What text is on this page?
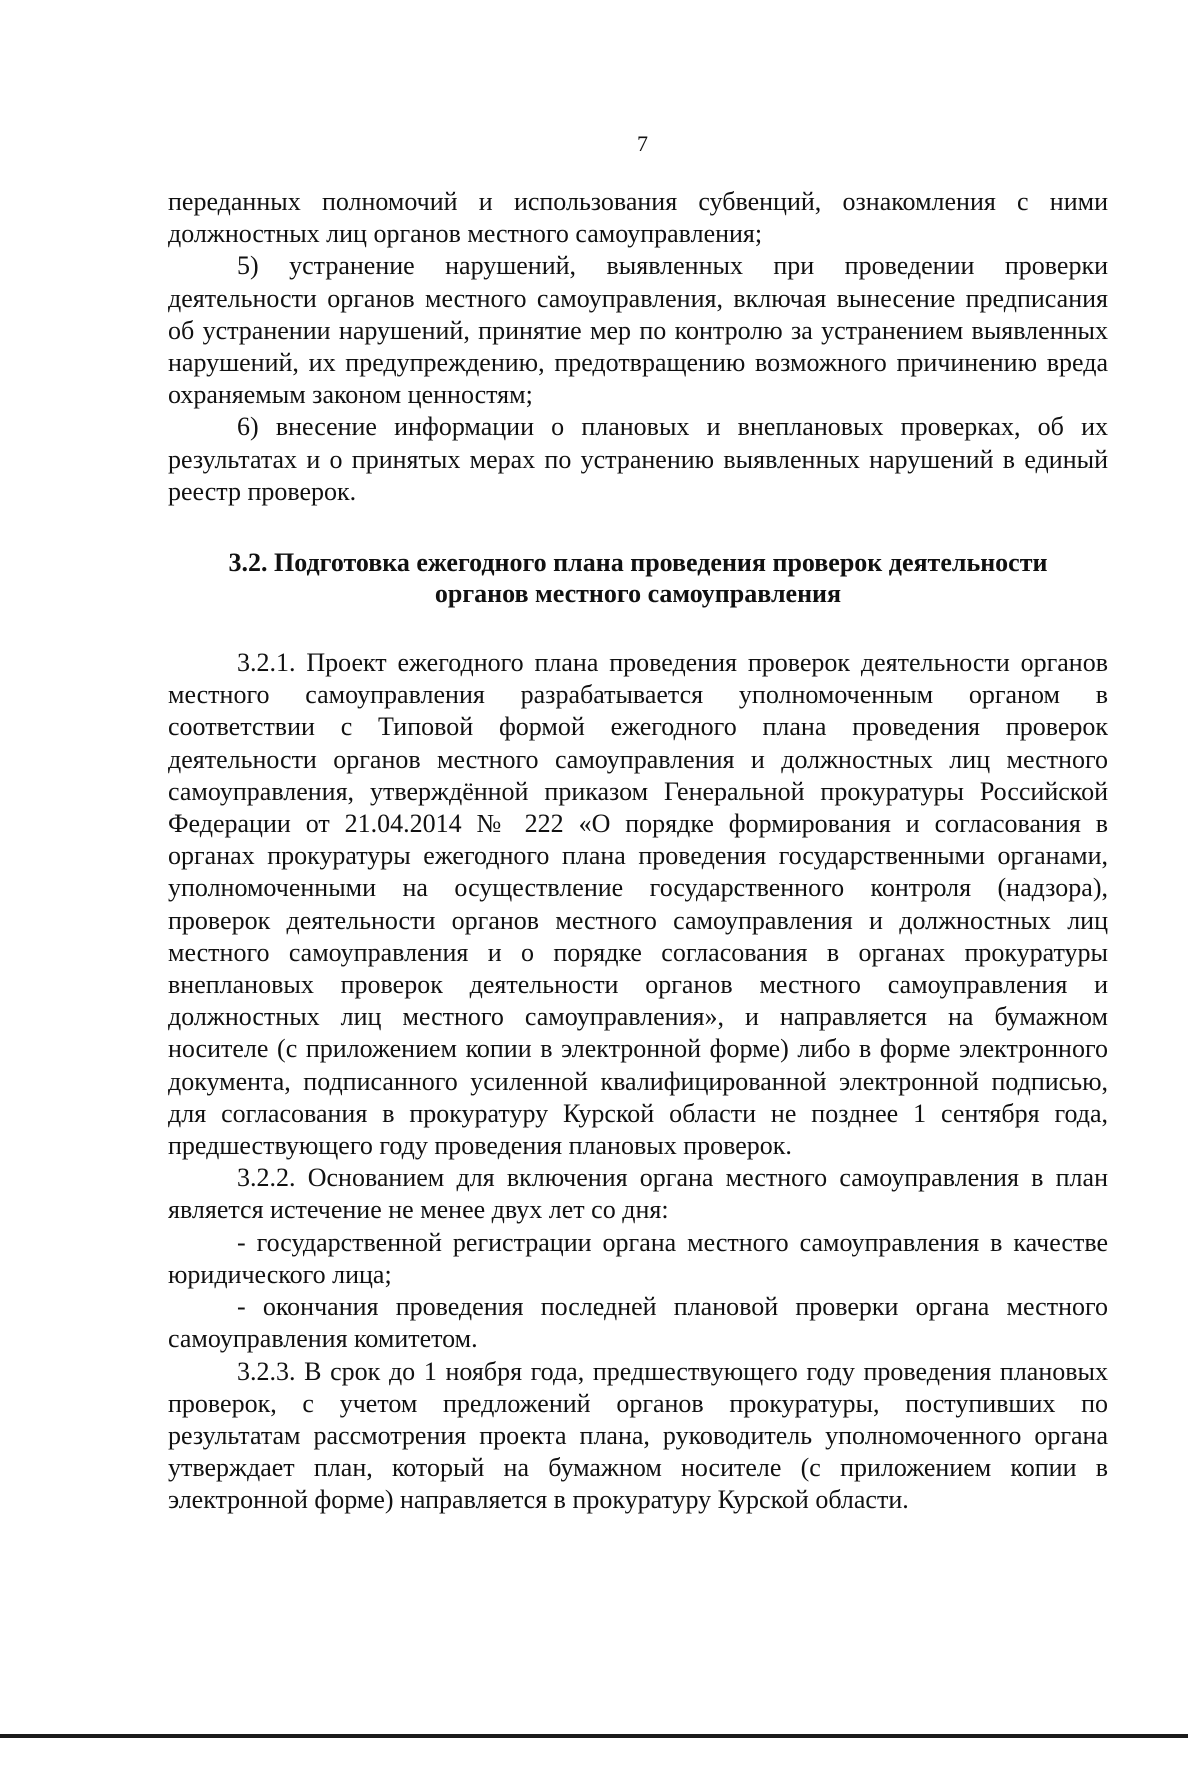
7

переданных полномочий и использования субвенций, ознакомления с ними должностных лиц органов местного самоуправления;

5) устранение нарушений, выявленных при проведении проверки деятельности органов местного самоуправления, включая вынесение предписания об устранении нарушений, принятие мер по контролю за устранением выявленных нарушений, их предупреждению, предотвращению возможного причинению вреда охраняемым законом ценностям;

6) внесение информации о плановых и внеплановых проверках, об их результатах и о принятых мерах по устранению выявленных нарушений в единый реестр проверок.

3.2. Подготовка ежегодного плана проведения проверок деятельности
органов местного самоуправления

3.2.1. Проект ежегодного плана проведения проверок деятельности органов местного самоуправления разрабатывается уполномоченным органом в соответствии с Типовой формой ежегодного плана проведения проверок деятельности органов местного самоуправления и должностных лиц местного самоуправления, утверждённой приказом Генеральной прокуратуры Российской Федерации от 21.04.2014 № 222 «О порядке формирования и согласования в органах прокуратуры ежегодного плана проведения государственными органами, уполномоченными на осуществление государственного контроля (надзора), проверок деятельности органов местного самоуправления и должностных лиц местного самоуправления и о порядке согласования в органах прокуратуры внеплановых проверок деятельности органов местного самоуправления и должностных лиц местного самоуправления», и направляется на бумажном носителе (с приложением копии в электронной форме) либо в форме электронного документа, подписанного усиленной квалифицированной электронной подписью, для согласования в прокуратуру Курской области не позднее 1 сентября года, предшествующего году проведения плановых проверок.

3.2.2. Основанием для включения органа местного самоуправления в план является истечение не менее двух лет со дня:

- государственной регистрации органа местного самоуправления в качестве юридического лица;

- окончания проведения последней плановой проверки органа местного самоуправления комитетом.

3.2.3. В срок до 1 ноября года, предшествующего году проведения плановых проверок, с учетом предложений органов прокуратуры, поступивших по результатам рассмотрения проекта плана, руководитель уполномоченного органа утверждает план, который на бумажном носителе (с приложением копии в электронной форме) направляется в прокуратуру Курской области.
